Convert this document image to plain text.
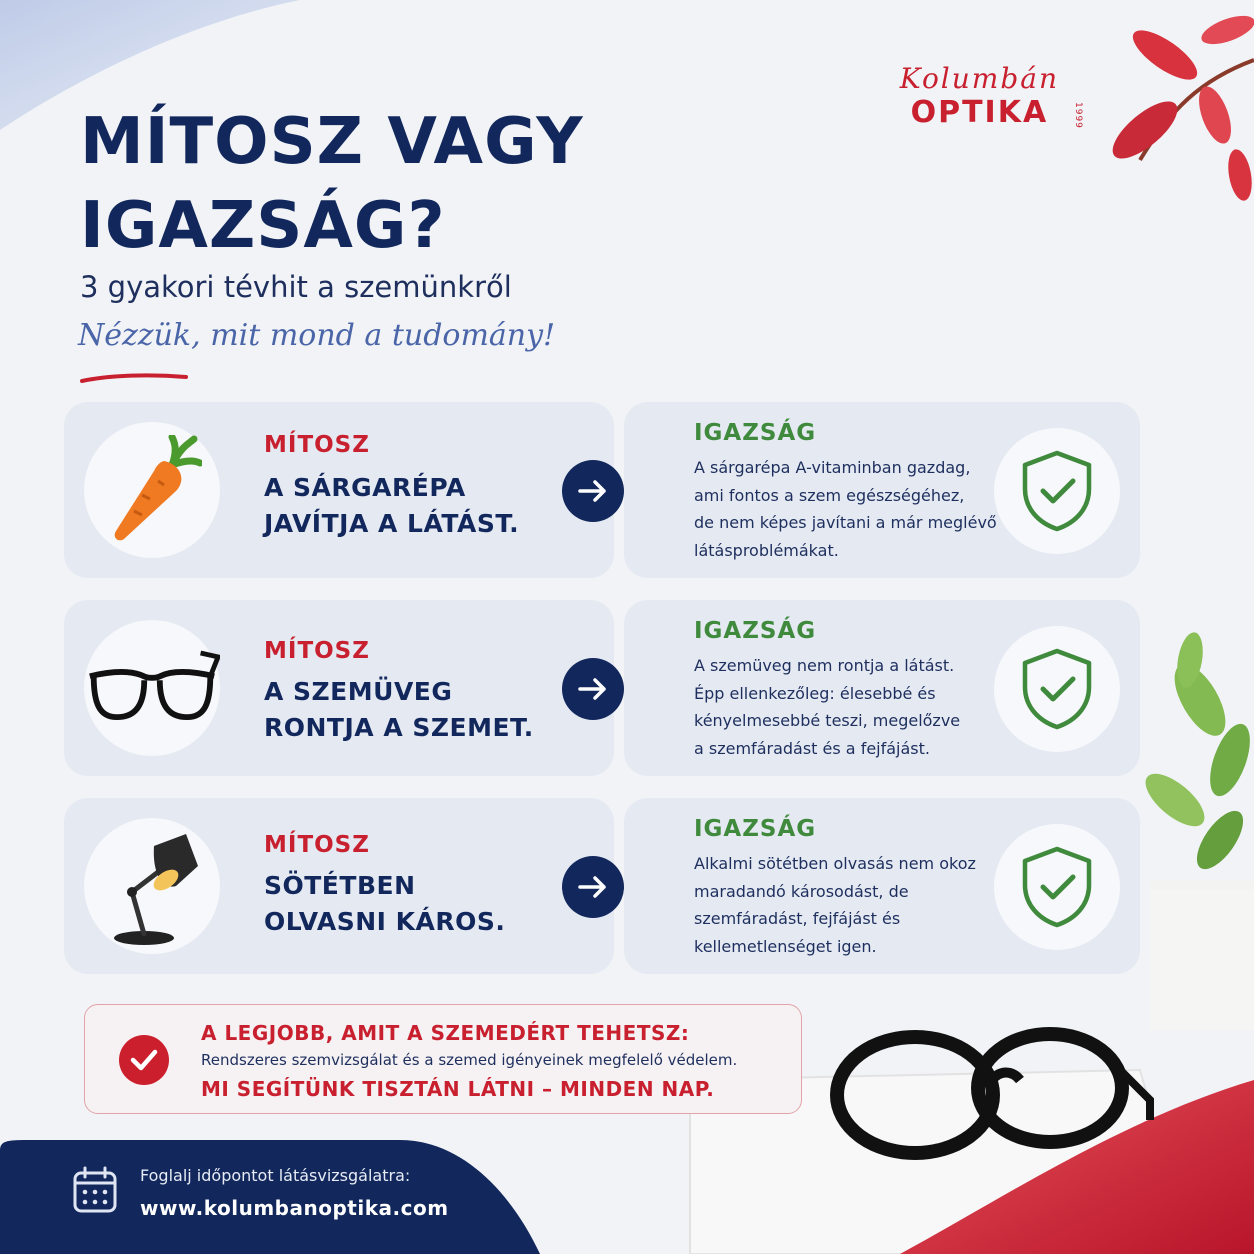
MÍTOSZ VAGY
IGAZSÁG?
3 gyakori tévhit a szemünkről
Nézzük, mit mond a tudomány!
Kolumbán
OPTIKA	1999
MÍTOSZ
A SÁRGARÉPA
JAVÍTJA A LÁTÁST.
IGAZSÁG
A sárgarépa A-vitaminban gazdag,
ami fontos a szem egészségéhez,
de nem képes javítani a már meglévő
látásproblémákat.
MÍTOSZ
A SZEMÜVEG
RONTJA A SZEMET.
IGAZSÁG
A szemüveg nem rontja a látást.
Épp ellenkezőleg: élesebbé és
kényelmesebbé teszi, megelőzve
a szemfáradást és a fejfájást.
MÍTOSZ
SÖTÉTBEN
OLVASNI KÁROS.
IGAZSÁG
Alkalmi sötétben olvasás nem okoz
maradandó károsodást, de
szemfáradást, fejfájást és
kellemetlenséget igen.
A LEGJOBB, AMIT A SZEMEDÉRT TEHETSZ:
Rendszeres szemvizsgálat és a szemed igényeinek megfelelő védelem.
MI SEGÍTÜNK TISZTÁN LÁTNI – MINDEN NAP.
Foglalj időpontot látásvizsgálatra:
www.kolumbanoptika.com
